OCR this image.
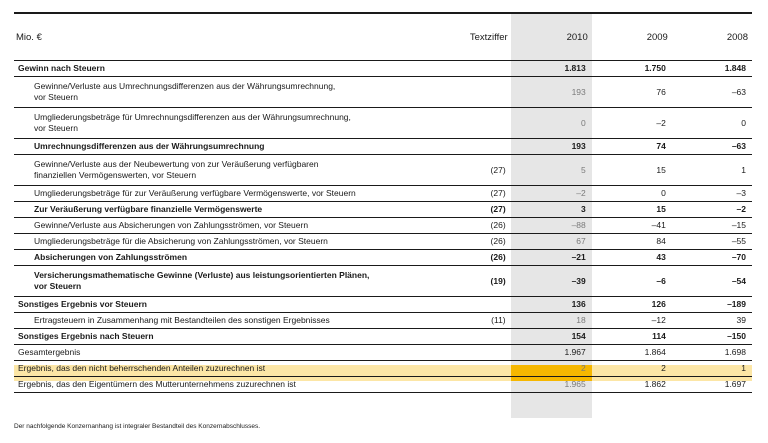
Mio. €	Textziffer	2010	2009	2008
Gewinn nach Steuern		1.813	1.750	1.848
Gewinne/Verluste aus Umrechnungsdifferenzen aus der Währungsumrechnung,
vor Steuern		193	76	–63
Umgliederungsbeträge für Umrechnungsdifferenzen aus der Währungsumrechnung,
vor Steuern		0	–2	0
Umrechnungsdifferenzen aus der Währungsumrechnung		193	74	–63
Gewinne/Verluste aus der Neubewertung von zur Veräußerung verfügbaren
finanziellen Vermögenswerten, vor Steuern	(27)	5	15	1
Umgliederungsbeträge für zur Veräußerung verfügbare Vermögenswerte, vor Steuern	(27)	–2	0	–3
Zur Veräußerung verfügbare finanzielle Vermögenswerte	(27)	3	15	–2
Gewinne/Verluste aus Absicherungen von Zahlungsströmen, vor Steuern	(26)	–88	–41	–15
Umgliederungsbeträge für die Absicherung von Zahlungsströmen, vor Steuern	(26)	67	84	–55
Absicherungen von Zahlungsströmen	(26)	–21	43	–70
Versicherungsmathematische Gewinne (Verluste) aus leistungsorientierten Plänen,
vor Steuern	(19)	–39	–6	–54
Sonstiges Ergebnis vor Steuern		136	126	–189
Ertragsteuern in Zusammenhang mit Bestandteilen des sonstigen Ergebnisses	(11)	18	–12	39
Sonstiges Ergebnis nach Steuern		154	114	–150
Gesamtergebnis		1.967	1.864	1.698
Ergebnis, das den nicht beherrschenden Anteilen zuzurechnen ist		2	2	1
Ergebnis, das den Eigentümern des Mutterunternehmens zuzurechnen ist		1.965	1.862	1.697
Der nachfolgende Konzernanhang ist integraler Bestandteil des Konzernabschlusses.
